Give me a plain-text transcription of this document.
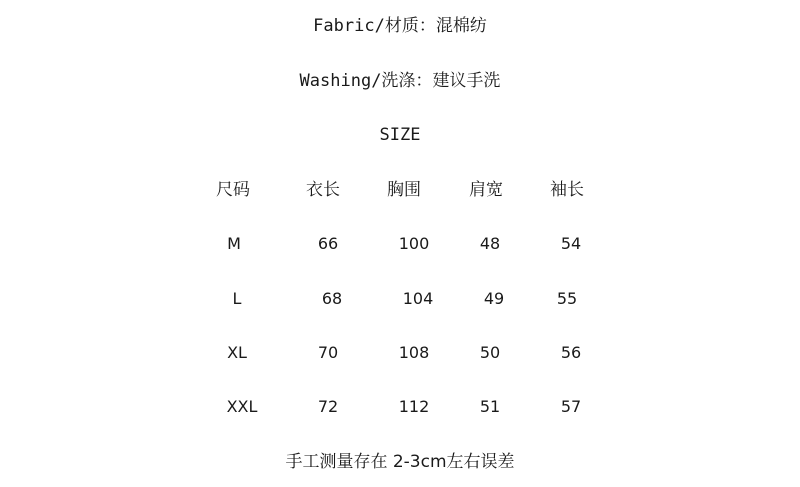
Fabric/材质：混棉纺
Washing/洗涤：建议手洗
SIZE
尺码	衣长	胸围	肩宽	袖长
M	66	100	48	54
L	68	104	49	55
XL	70	108	50	56
XXL	72	112	51	57
手工测量存在 2-3cm左右误差
